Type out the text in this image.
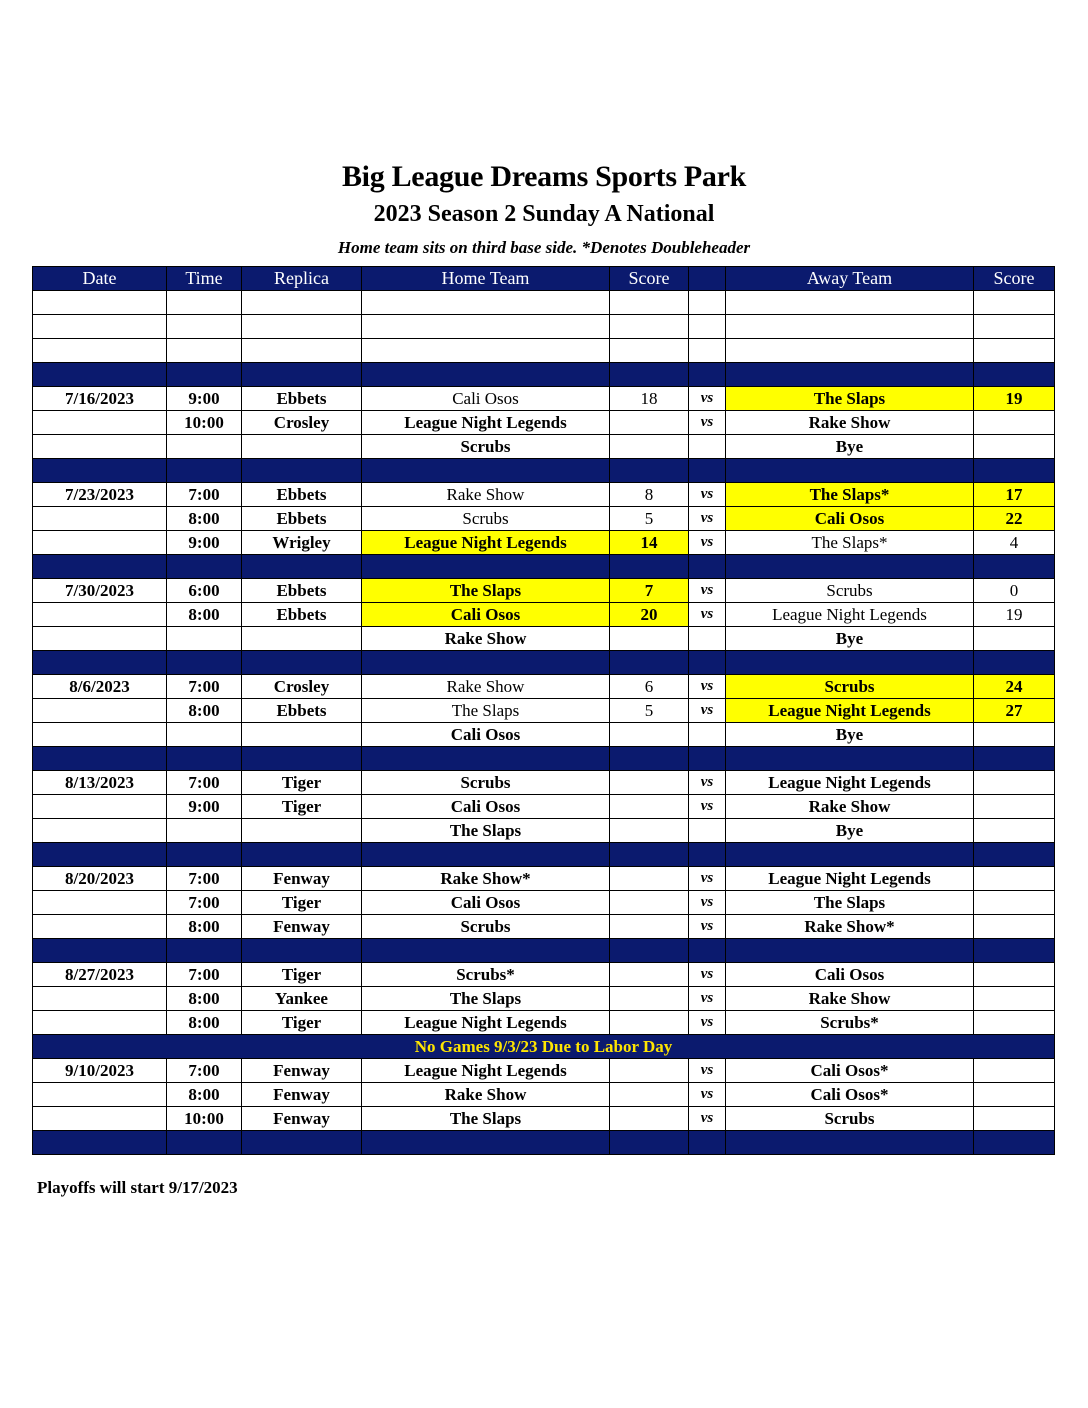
Big League Dreams Sports Park
2023 Season 2 Sunday A National
Home team sits on third base side. *Denotes Doubleheader
Date	Time	Replica	Home Team	Score		Away Team	Score

7/16/2023	9:00	Ebbets	Cali Osos	18	vs	The Slaps	19
	10:00	Crosley	League Night Legends		vs	Rake Show	
			Scrubs			Bye	

7/23/2023	7:00	Ebbets	Rake Show	8	vs	The Slaps*	17
	8:00	Ebbets	Scrubs	5	vs	Cali Osos	22
	9:00	Wrigley	League Night Legends	14	vs	The Slaps*	4

7/30/2023	6:00	Ebbets	The Slaps	7	vs	Scrubs	0
	8:00	Ebbets	Cali Osos	20	vs	League Night Legends	19
			Rake Show			Bye	

8/6/2023	7:00	Crosley	Rake Show	6	vs	Scrubs	24
	8:00	Ebbets	The Slaps	5	vs	League Night Legends	27
			Cali Osos			Bye	

8/13/2023	7:00	Tiger	Scrubs		vs	League Night Legends	
	9:00	Tiger	Cali Osos		vs	Rake Show	
			The Slaps			Bye	

8/20/2023	7:00	Fenway	Rake Show*		vs	League Night Legends	
	7:00	Tiger	Cali Osos		vs	The Slaps	
	8:00	Fenway	Scrubs		vs	Rake Show*	

8/27/2023	7:00	Tiger	Scrubs*		vs	Cali Osos	
	8:00	Yankee	The Slaps		vs	Rake Show	
	8:00	Tiger	League Night Legends		vs	Scrubs*	
No Games 9/3/23 Due to Labor Day							
9/10/2023	7:00	Fenway	League Night Legends		vs	Cali Osos*	
	8:00	Fenway	Rake Show		vs	Cali Osos*	
	10:00	Fenway	The Slaps		vs	Scrubs	

Playoffs will start 9/17/2023
